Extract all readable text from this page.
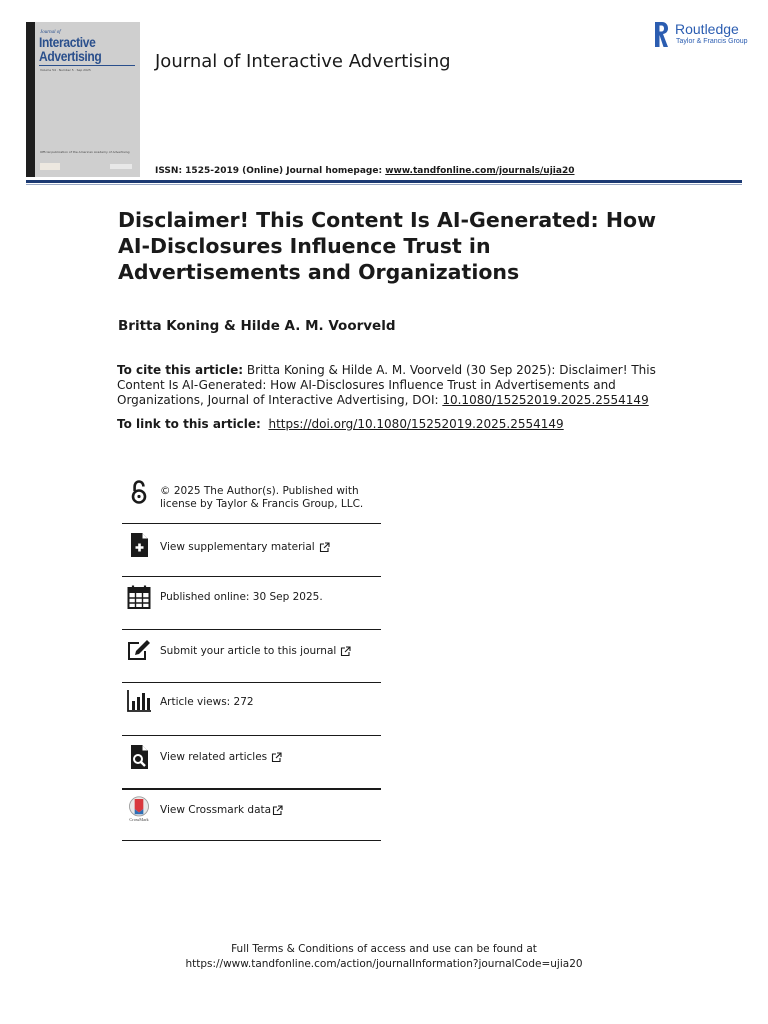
Journal of
Interactive
Advertising
Volume 54 · Number 5 · Sep 2025
Official publication of the American Academy of Advertising
Journal of Interactive Advertising
Routledge
Taylor & Francis Group
ISSN: 1525-2019 (Online) Journal homepage: www.tandfonline.com/journals/ujia20
Disclaimer! This Content Is AI-Generated: How AI-Disclosures Influence Trust in Advertisements and Organizations
Britta Koning & Hilde A. M. Voorveld
To cite this article: Britta Koning & Hilde A. M. Voorveld (30 Sep 2025): Disclaimer! This Content Is AI-Generated: How AI-Disclosures Influence Trust in Advertisements and Organizations, Journal of Interactive Advertising, DOI: 10.1080/15252019.2025.2554149
To link to this article: https://doi.org/10.1080/15252019.2025.2554149
© 2025 The Author(s). Published with
license by Taylor & Francis Group, LLC.
View supplementary material
Published online: 30 Sep 2025.
Submit your article to this journal
Article views: 272
View related articles
CrossMark
View Crossmark data
Full Terms & Conditions of access and use can be found at
https://www.tandfonline.com/action/journalInformation?journalCode=ujia20
